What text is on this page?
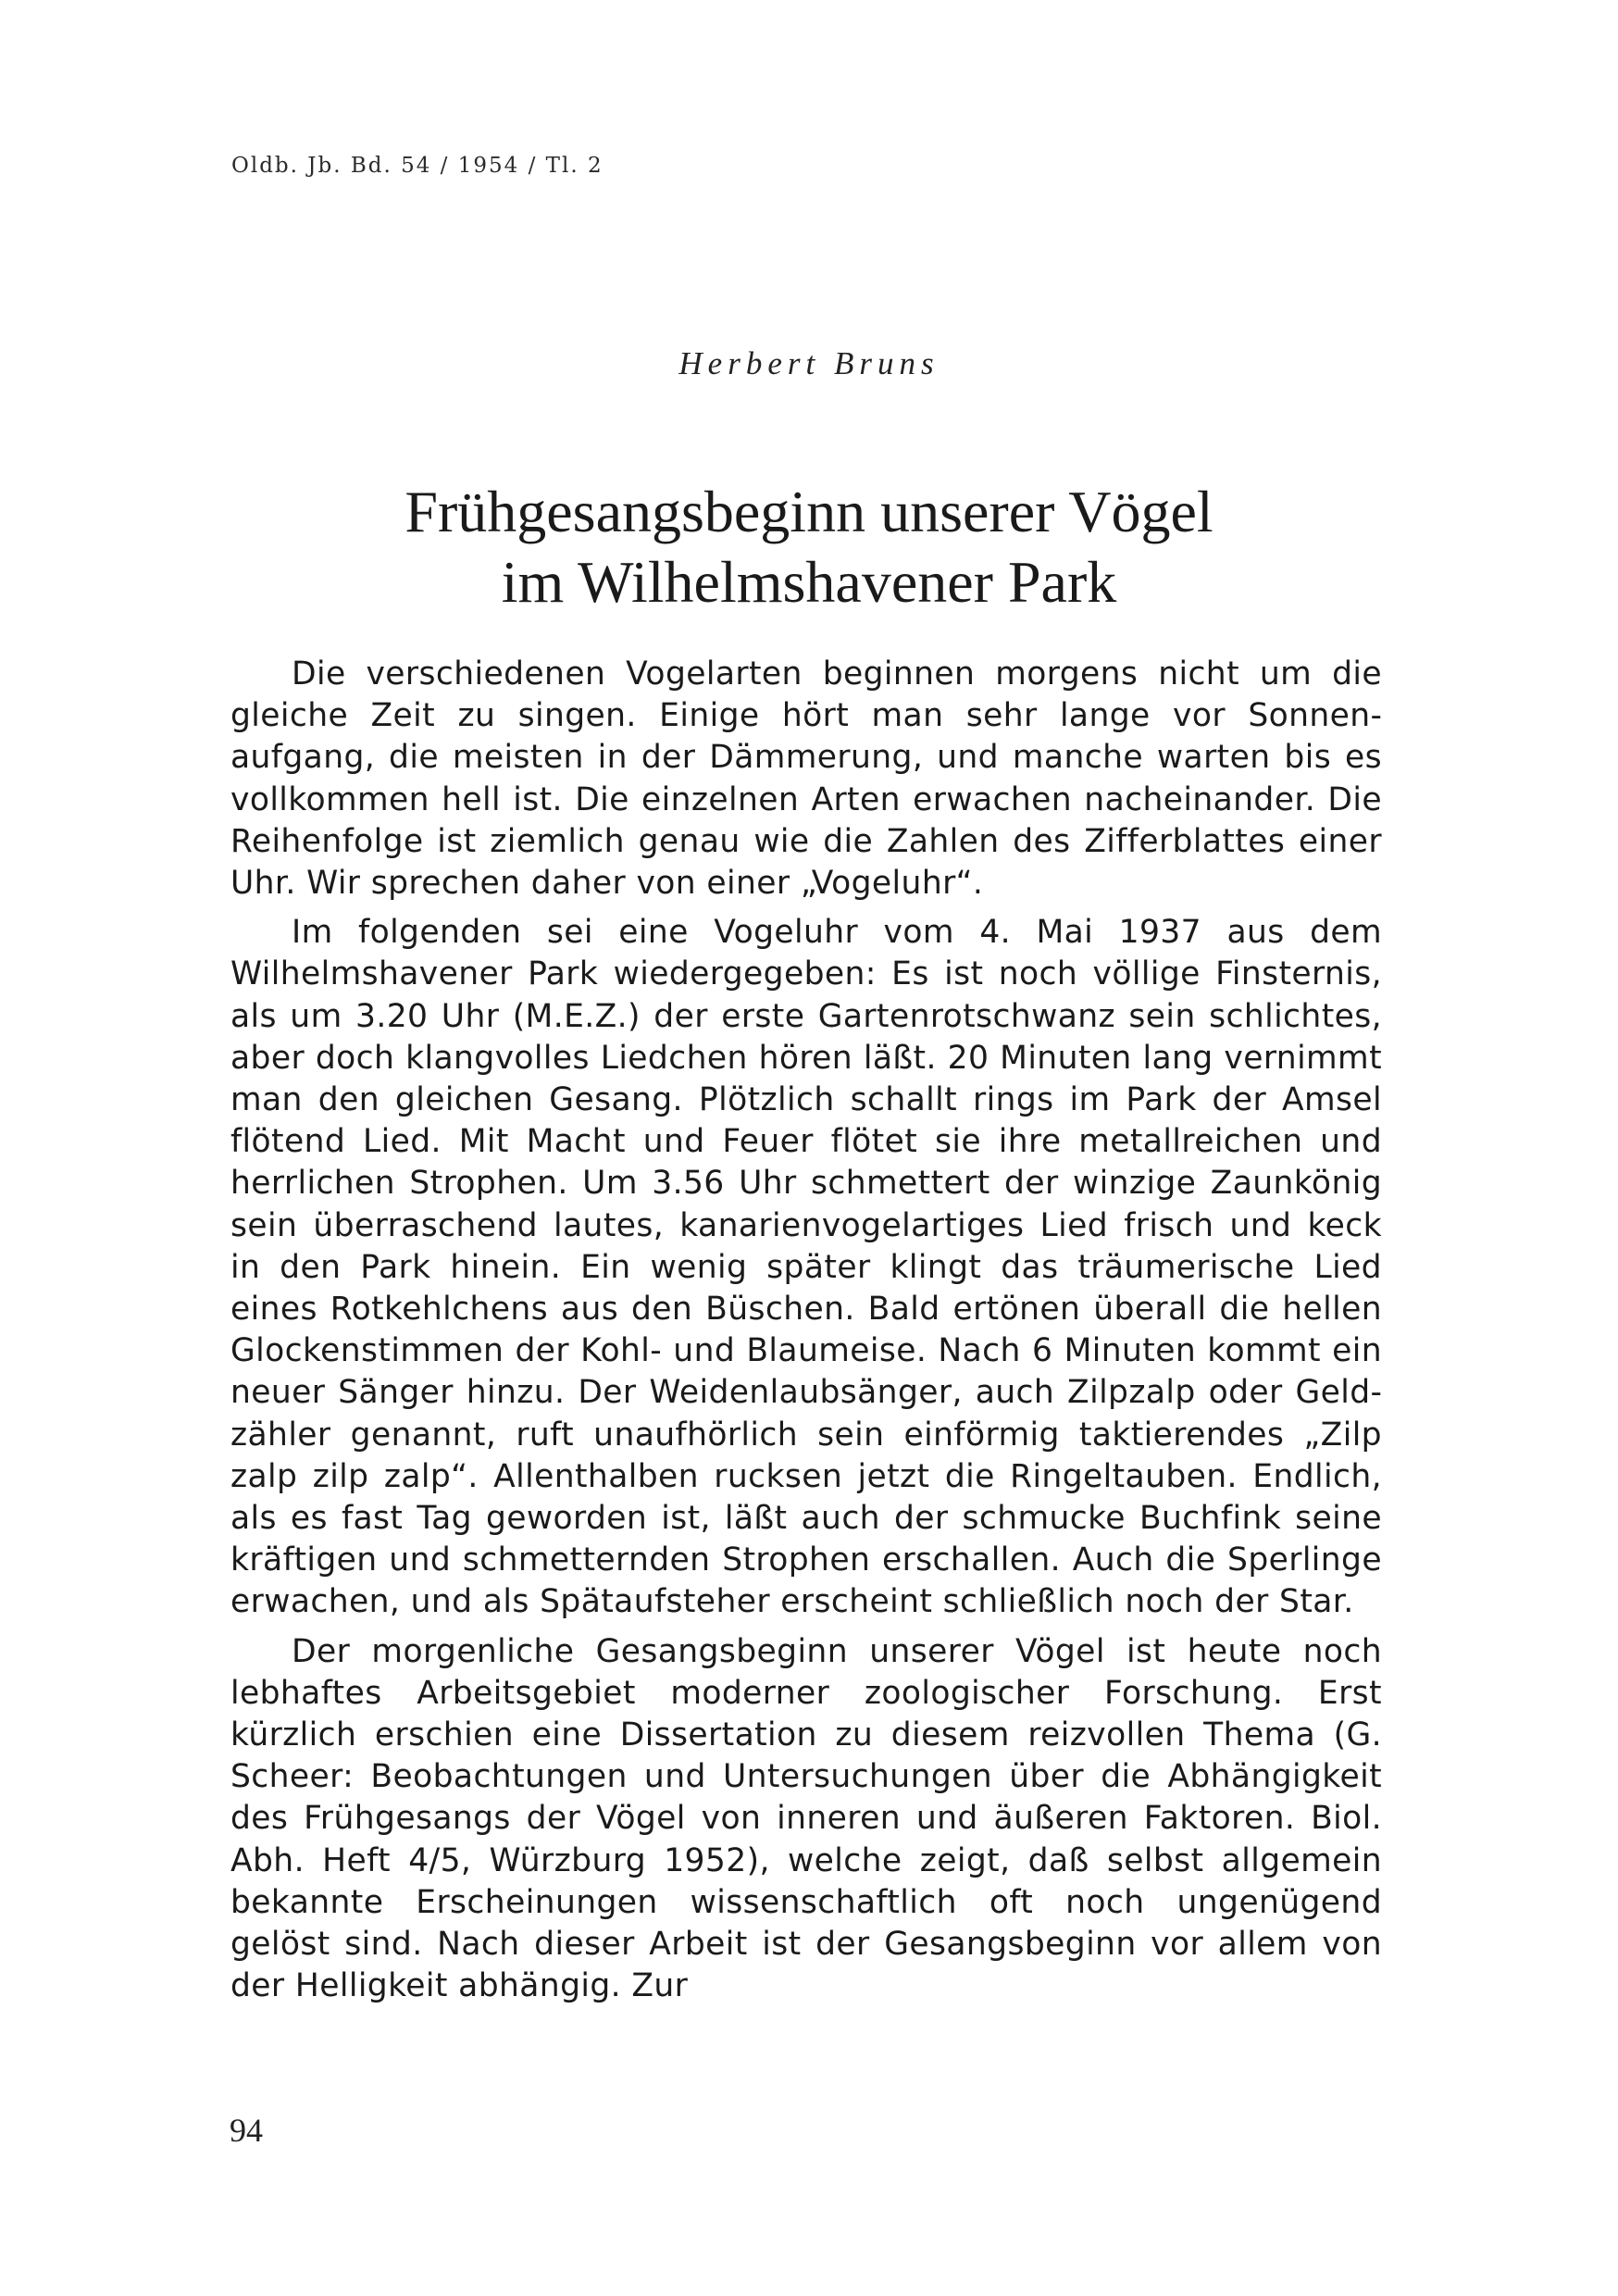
Oldb. Jb. Bd. 54 / 1954 / Tl. 2
Herbert Bruns
Frühgesangsbeginn unserer Vögel
im Wilhelmshavener Park

Die verschiedenen Vogelarten beginnen morgens nicht um die gleiche Zeit zu singen. Einige hört man sehr lange vor Sonnenaufgang, die meisten in der Dämmerung, und manche warten bis es vollkommen hell ist. Die einzelnen Arten erwachen nacheinander. Die Reihenfolge ist ziemlich genau wie die Zahlen des Zifferblattes einer Uhr. Wir sprechen daher von einer „Vogeluhr“.

Im folgenden sei eine Vogeluhr vom 4. Mai 1937 aus dem Wilhelmshavener Park wiedergegeben: Es ist noch völlige Finsternis, als um 3.20 Uhr (M.E.Z.) der erste Gartenrotschwanz sein schlichtes, aber doch klangvolles Liedchen hören läßt. 20 Minuten lang vernimmt man den gleichen Gesang. Plötzlich schallt rings im Park der Amsel flötend Lied. Mit Macht und Feuer flötet sie ihre metallreichen und herrlichen Strophen. Um 3.56 Uhr schmettert der winzige Zaunkönig sein überraschend lautes, kanarienvogelartiges Lied frisch und keck in den Park hinein. Ein wenig später klingt das träumerische Lied eines Rotkehlchens aus den Büschen. Bald ertönen überall die hellen Glockenstimmen der Kohl- und Blaumeise. Nach 6 Minuten kommt ein neuer Sänger hinzu. Der Weidenlaubsänger, auch Zilpzalp oder Geldzähler genannt, ruft unaufhörlich sein einförmig taktierendes „Zilp zalp zilp zalp“. Allenthalben rucksen jetzt die Ringeltauben. Endlich, als es fast Tag geworden ist, läßt auch der schmucke Buchfink seine kräftigen und schmetternden Strophen erschallen. Auch die Sperlinge erwachen, und als Spätaufsteher erscheint schließlich noch der Star.

Der morgenliche Gesangsbeginn unserer Vögel ist heute noch lebhaftes Arbeitsgebiet moderner zoologischer Forschung. Erst kürzlich erschien eine Dissertation zu diesem reizvollen Thema (G. Scheer: Beobachtungen und Untersuchungen über die Abhängigkeit des Frühgesangs der Vögel von inneren und äußeren Faktoren. Biol. Abh. Heft 4/5, Würzburg 1952), welche zeigt, daß selbst allgemein bekannte Erscheinungen wissenschaftlich oft noch ungenügend gelöst sind. Nach dieser Arbeit ist der Gesangsbeginn vor allem von der Helligkeit abhängig. Zur

94
